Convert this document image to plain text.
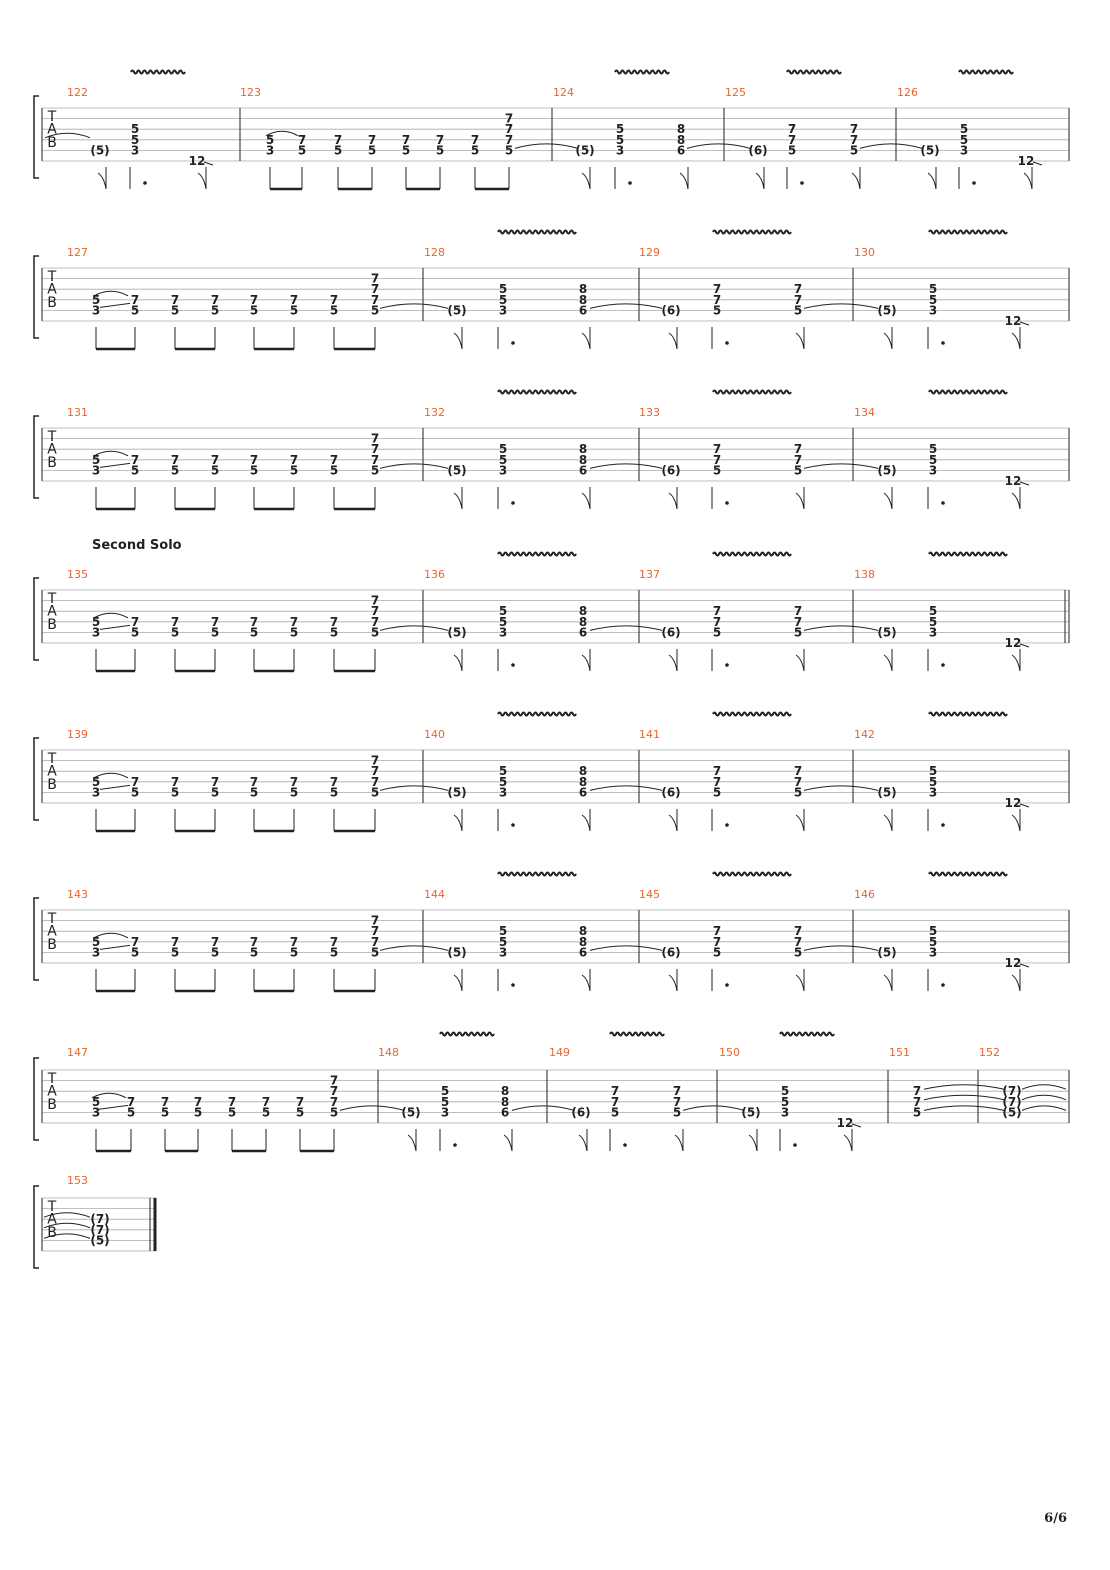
T
A
B
122	123	124	125	126
(5)
5
5
3
12
5
3
7
5
7
5
7
5
7
5
7
5
7
5
7
5
7
7
(5)
5
5
3
8
8
6	(6)
7
7
5
7
7
5	(5)
5
5
3
12
T
A
B
127	128	129	130
5
3
7
5
7
5
7
5
7
5
7
5
7
5
7
5
7
7
(5)
5
5
3
8
8
6	(6)
7
7
5
7
7
5	(5)
5
5
3
12
T
A
B
131	132	133	134
5
3
7
5
7
5
7
5
7
5
7
5
7
5
7
5
7
7
(5)
5
5
3
8
8
6	(6)
7
7
5
7
7
5	(5)
5
5
3
12
T
A
B
135	136	137	138
5
3
7
5
7
5
7
5
7
5
7
5
7
5
7
5
7
7
(5)
5
5
3
8
8
6	(6)
7
7
5
7
7
5	(5)
5
5
3
12
T
A
B
139	140	141	142
5
3
7
5
7
5
7
5
7
5
7
5
7
5
7
5
7
7
(5)
5
5
3
8
8
6	(6)
7
7
5
7
7
5	(5)
5
5
3
12
T
A
B
143	144	145	146
5
3
7
5
7
5
7
5
7
5
7
5
7
5
7
5
7
7
(5)
5
5
3
8
8
6	(6)
7
7
5
7
7
5	(5)
5
5
3
12
Second Solo
T
A
B
147	148	149	150	151	152
5
3
7
5
7
5
7
5
7
5
7
5
7
5
7
5
7
7
(5)
5
5
3
8
8
6	(6)
7
7
5
7
7
5	(5)
5
5
3
12
7
7
5
(7)
(7)
(5)
T
A
B
153
(7)
(7)
(5)
6/6
